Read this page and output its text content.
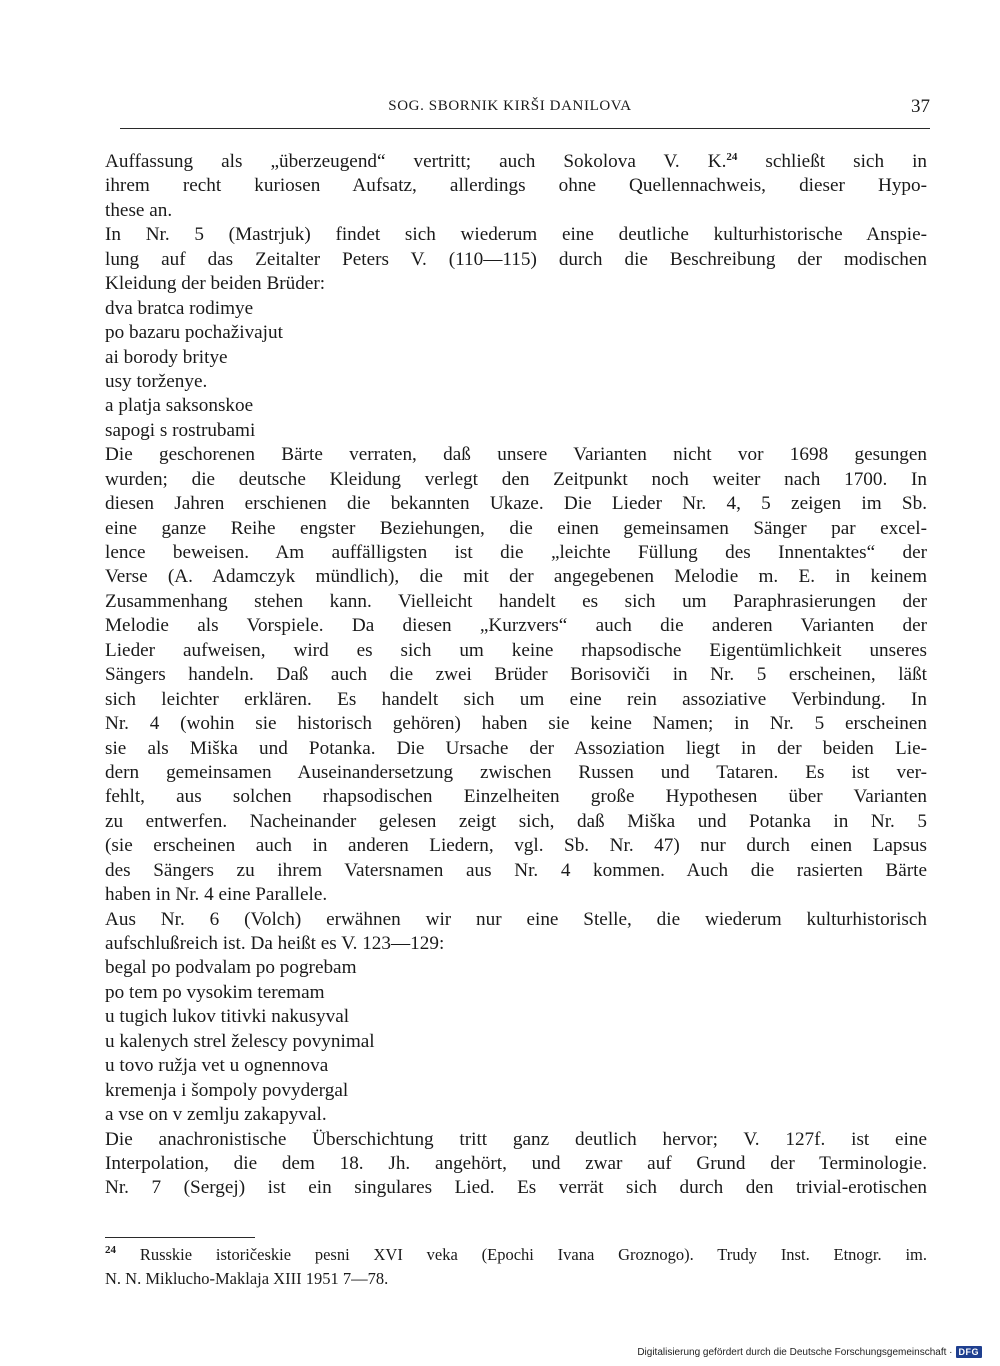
SOG. SBORNIK KIRŠI DANILOVA	37
Auffassung als „überzeugend“ vertritt; auch Sokolova V. K.$^{24}$ schließt sich in
ihrem recht kuriosen Aufsatz, allerdings ohne Quellennachweis, dieser Hypo-
these an.
In Nr. 5 (Mastrjuk) findet sich wiederum eine deutliche kulturhistorische Anspie-
lung auf das Zeitalter Peters V. (110—115) durch die Beschreibung der modischen
Kleidung der beiden Brüder:
dva bratca rodimye
po bazaru pochaživajut
ai borody britye
usy torženye.
a platja saksonskoe
sapogi s rostrubami
Die geschorenen Bärte verraten, daß unsere Varianten nicht vor 1698 gesungen
wurden; die deutsche Kleidung verlegt den Zeitpunkt noch weiter nach 1700. In
diesen Jahren erschienen die bekannten Ukaze. Die Lieder Nr. 4, 5 zeigen im Sb.
eine ganze Reihe engster Beziehungen, die einen gemeinsamen Sänger par excel-
lence beweisen. Am auffälligsten ist die „leichte Füllung des Innentaktes“ der
Verse (A. Adamczyk mündlich), die mit der angegebenen Melodie m. E. in keinem
Zusammenhang stehen kann. Vielleicht handelt es sich um Paraphrasierungen der
Melodie als Vorspiele. Da diesen „Kurzvers“ auch die anderen Varianten der
Lieder aufweisen, wird es sich um keine rhapsodische Eigentümlichkeit unseres
Sängers handeln. Daß auch die zwei Brüder Borisoviči in Nr. 5 erscheinen, läßt
sich leichter erklären. Es handelt sich um eine rein assoziative Verbindung. In
Nr. 4 (wohin sie historisch gehören) haben sie keine Namen; in Nr. 5 erscheinen
sie als Miška und Potanka. Die Ursache der Assoziation liegt in der beiden Lie-
dern gemeinsamen Auseinandersetzung zwischen Russen und Tataren. Es ist ver-
fehlt, aus solchen rhapsodischen Einzelheiten große Hypothesen über Varianten
zu entwerfen. Nacheinander gelesen zeigt sich, daß Miška und Potanka in Nr. 5
(sie erscheinen auch in anderen Liedern, vgl. Sb. Nr. 47) nur durch einen Lapsus
des Sängers zu ihrem Vatersnamen aus Nr. 4 kommen. Auch die rasierten Bärte
haben in Nr. 4 eine Parallele.
Aus Nr. 6 (Volch) erwähnen wir nur eine Stelle, die wiederum kulturhistorisch
aufschlußreich ist. Da heißt es V. 123—129:
begal po podvalam po pogrebam
po tem po vysokim teremam
u tugich lukov titivki nakusyval
u kalenych strel želescy povynimal
u tovo ružja vet u ognennova
kremenja i šompoly povydergal
a vse on v zemlju zakapyval.
Die anachronistische Überschichtung tritt ganz deutlich hervor; V. 127f. ist eine
Interpolation, die dem 18. Jh. angehört, und zwar auf Grund der Terminologie.
Nr. 7 (Sergej) ist ein singulares Lied. Es verrät sich durch den trivial-erotischen
$^{24}$ Russkie istoričeskie pesni XVI veka (Epochi Ivana Groznogo). Trudy Inst. Etnogr. im.
N. N. Miklucho-Maklaja XIII 1951 7—78.
Digitalisierung gefördert durch die Deutsche Forschungsgemeinschaft · DFG
